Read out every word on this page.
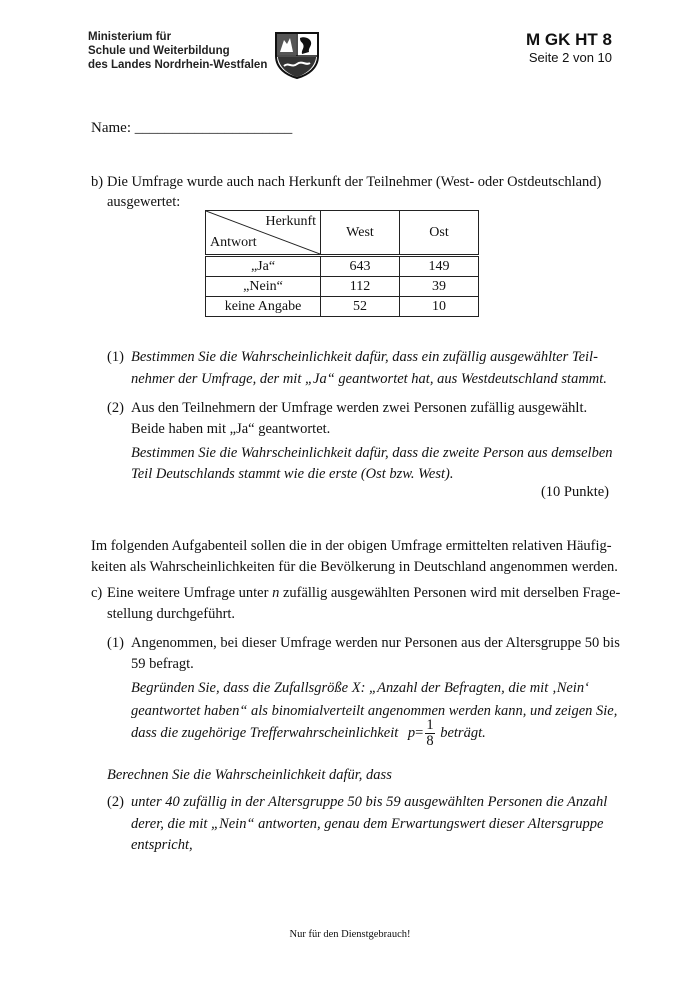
Ministerium für
Schule und Weiterbildung
des Landes Nordrhein-Westfalen
M GK HT 8
Seite 2 von 10
Name: _____________________
b) Die Umfrage wurde auch nach Herkunft der Teilnehmer (West- oder Ostdeutschland)
ausgewertet:
Herkunft
Antwort	West	Ost
„Ja“	643	149
„Nein“	112	39
keine Angabe	52	10
(1) Bestimmen Sie die Wahrscheinlichkeit dafür, dass ein zufällig ausgewählter Teil-
nehmer der Umfrage, der mit „Ja“ geantwortet hat, aus Westdeutschland stammt.
(2) Aus den Teilnehmern der Umfrage werden zwei Personen zufällig ausgewählt.
Beide haben mit „Ja“ geantwortet.
Bestimmen Sie die Wahrscheinlichkeit dafür, dass die zweite Person aus demselben
Teil Deutschlands stammt wie die erste (Ost bzw. West).
(10 Punkte)
Im folgenden Aufgabenteil sollen die in der obigen Umfrage ermittelten relativen Häufig-
keiten als Wahrscheinlichkeiten für die Bevölkerung in Deutschland angenommen werden.
c) Eine weitere Umfrage unter n zufällig ausgewählten Personen wird mit derselben Frage-
stellung durchgeführt.
(1) Angenommen, bei dieser Umfrage werden nur Personen aus der Altersgruppe 50 bis
59 befragt.
Begründen Sie, dass die Zufallsgröße X: „Anzahl der Befragten, die mit ‚Nein‘
geantwortet haben“ als binomialverteilt angenommen werden kann, und zeigen Sie,
dass die zugehörige Trefferwahrscheinlichkeit $p= \frac{1}{8}$ beträgt.
Berechnen Sie die Wahrscheinlichkeit dafür, dass
(2) unter 40 zufällig in der Altersgruppe 50 bis 59 ausgewählten Personen die Anzahl
derer, die mit „Nein“ antworten, genau dem Erwartungswert dieser Altersgruppe
entspricht,
Nur für den Dienstgebrauch!
